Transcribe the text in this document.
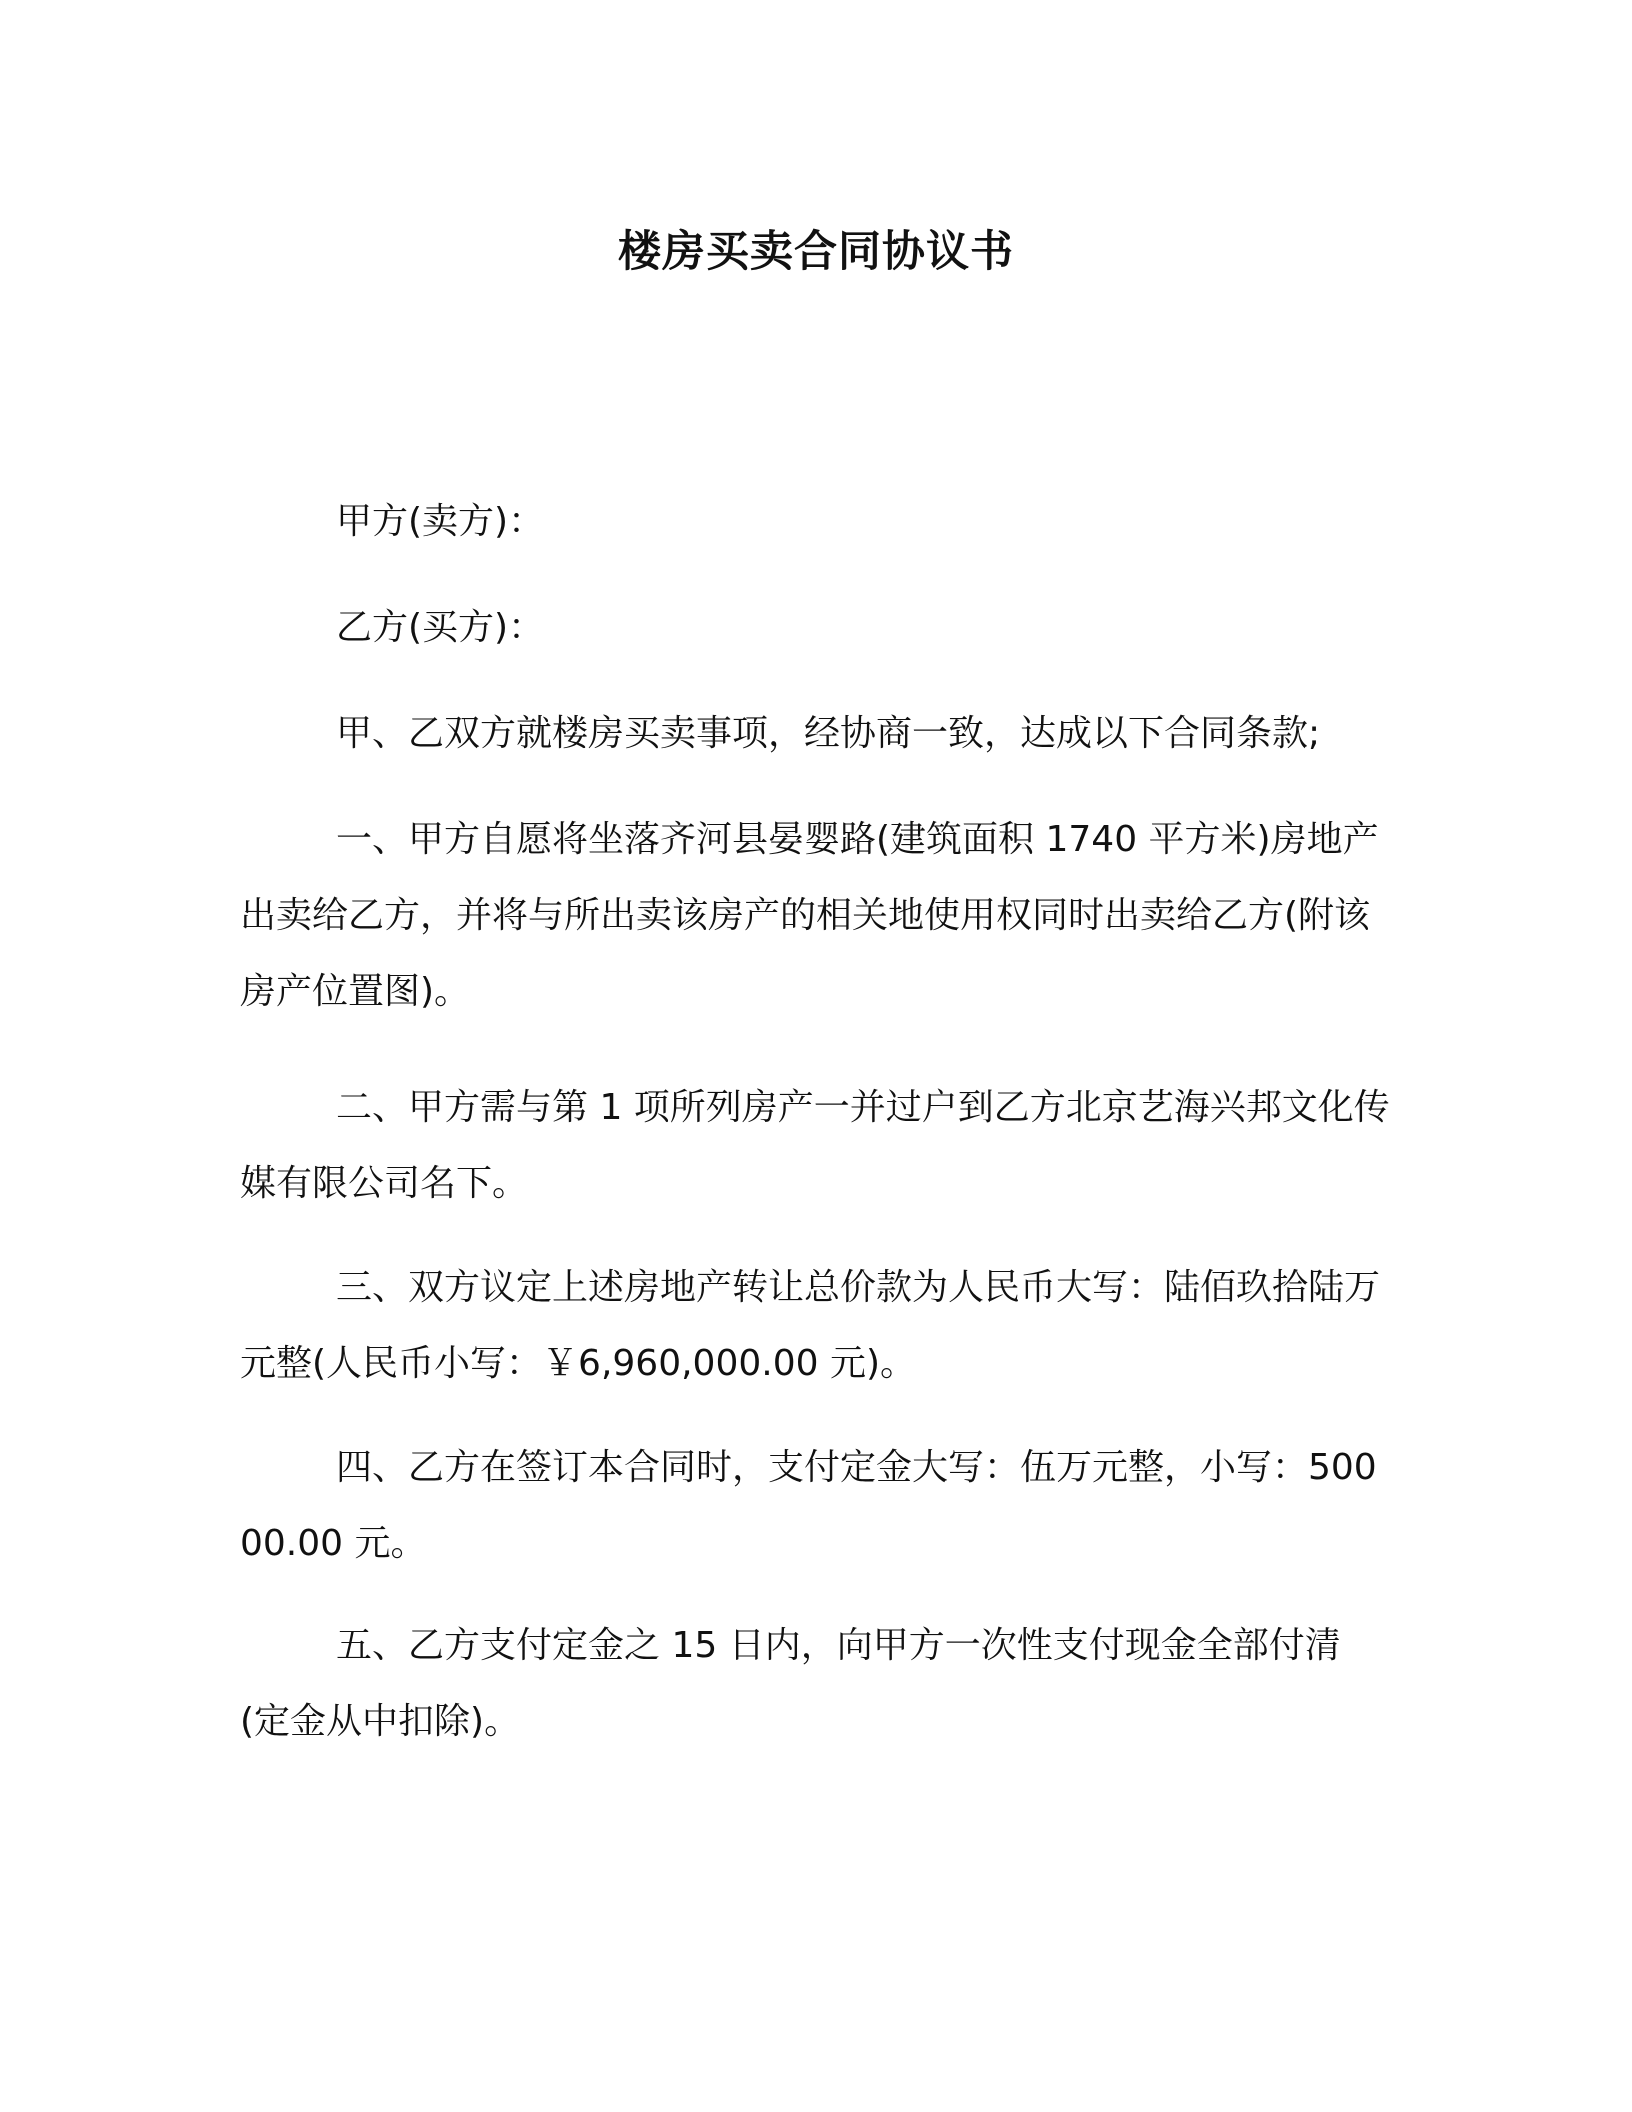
楼房买卖合同协议书
甲方(卖方)：
乙方(买方)：
甲、乙双方就楼房买卖事项，经协商一致，达成以下合同条款;
一、甲方自愿将坐落齐河县晏婴路(建筑面积 1740 平方米)房地产出卖给乙方，并将与所出卖该房产的相关地使用权同时出卖给乙方(附该房产位置图)。
二、甲方需与第 1 项所列房产一并过户到乙方北京艺海兴邦文化传媒有限公司名下。
三、双方议定上述房地产转让总价款为人民币大写：陆佰玖拾陆万元整(人民币小写：￥6,960,000.00 元)。
四、乙方在签订本合同时，支付定金大写：伍万元整，小写：50000.00 元。
五、乙方支付定金之 15 日内，向甲方一次性支付现金全部付清(定金从中扣除)。
